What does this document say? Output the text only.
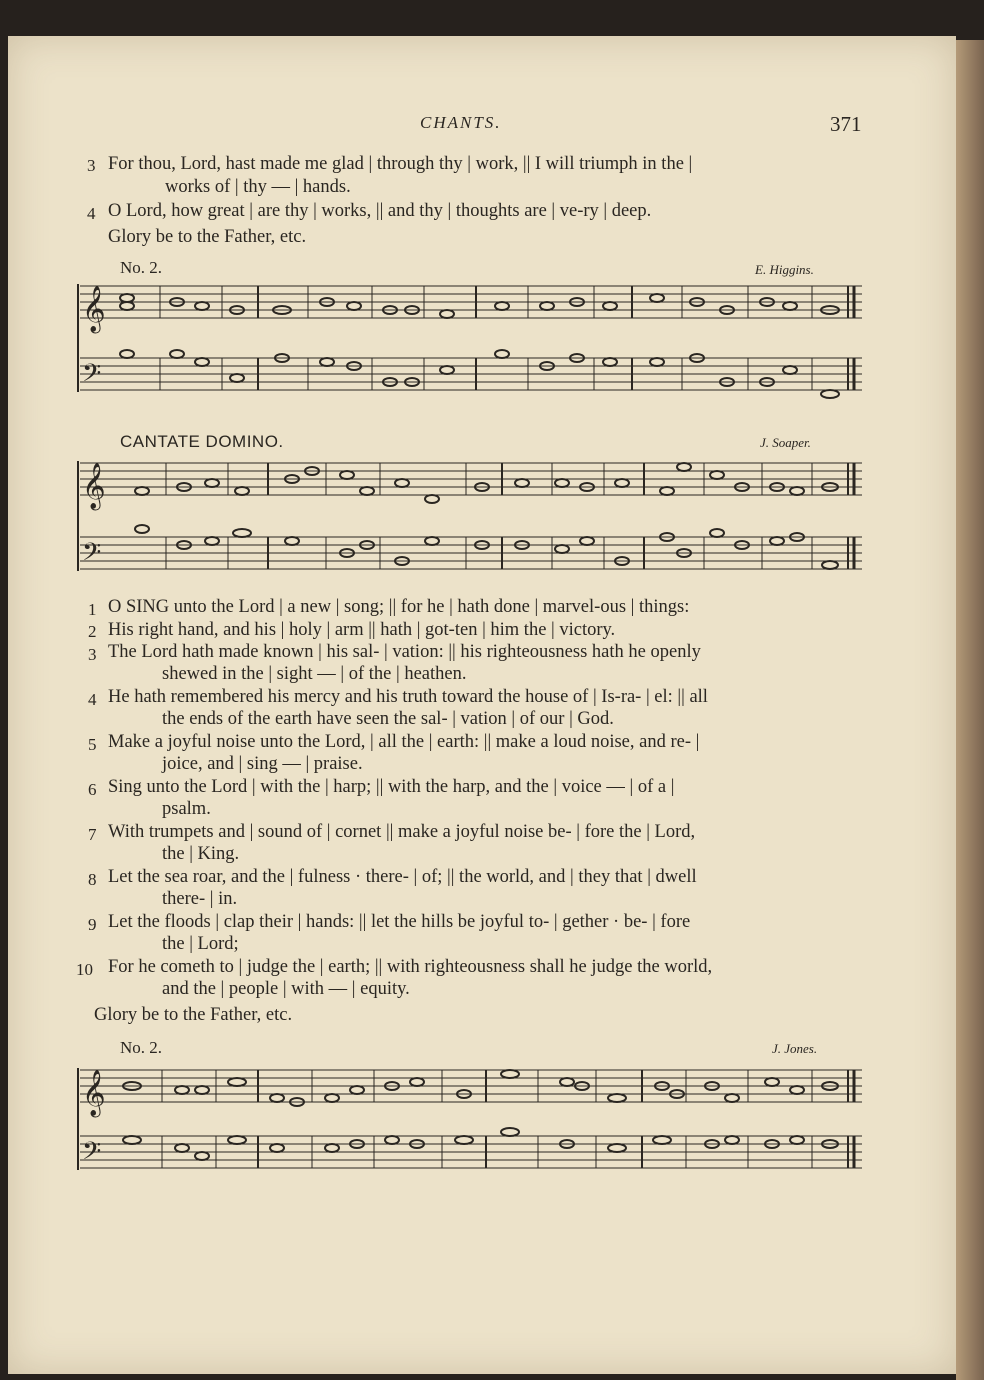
CHANTS.	371
3 For thou, Lord, hast made me glad | through thy | work, || I will triumph in the |
works of | thy — | hands.
4 O Lord, how great | are thy | works, || and thy | thoughts are | ve-ry | deep.
Glory be to the Father, etc.
No. 2.	E. Higgins.
𝄞
𝄢
CANTATE DOMINO.	J. Soaper.
𝄞
𝄢
1 O SING unto the Lord | a new | song; || for he | hath done | marvel-ous | things:
2 His right hand, and his | holy | arm || hath | got-ten | him the | victory.
3 The Lord hath made known | his sal- | vation: || his righteousness hath he openly
shewed in the | sight — | of the | heathen.
4 He hath remembered his mercy and his truth toward the house of | Is-ra- | el: || all
the ends of the earth have seen the sal- | vation | of our | God.
5 Make a joyful noise unto the Lord, | all the | earth: || make a loud noise, and re- |
joice, and | sing — | praise.
6 Sing unto the Lord | with the | harp; || with the harp, and the | voice — | of a |
psalm.
7 With trumpets and | sound of | cornet || make a joyful noise be- | fore the | Lord,
the | King.
8 Let the sea roar, and the | fulness · there- | of; || the world, and | they that | dwell
there- | in.
9 Let the floods | clap their | hands: || let the hills be joyful to- | gether · be- | fore
the | Lord;
10 For he cometh to | judge the | earth; || with righteousness shall he judge the world,
and the | people | with — | equity.
Glory be to the Father, etc.
No. 2.	J. Jones.
𝄞
𝄢
